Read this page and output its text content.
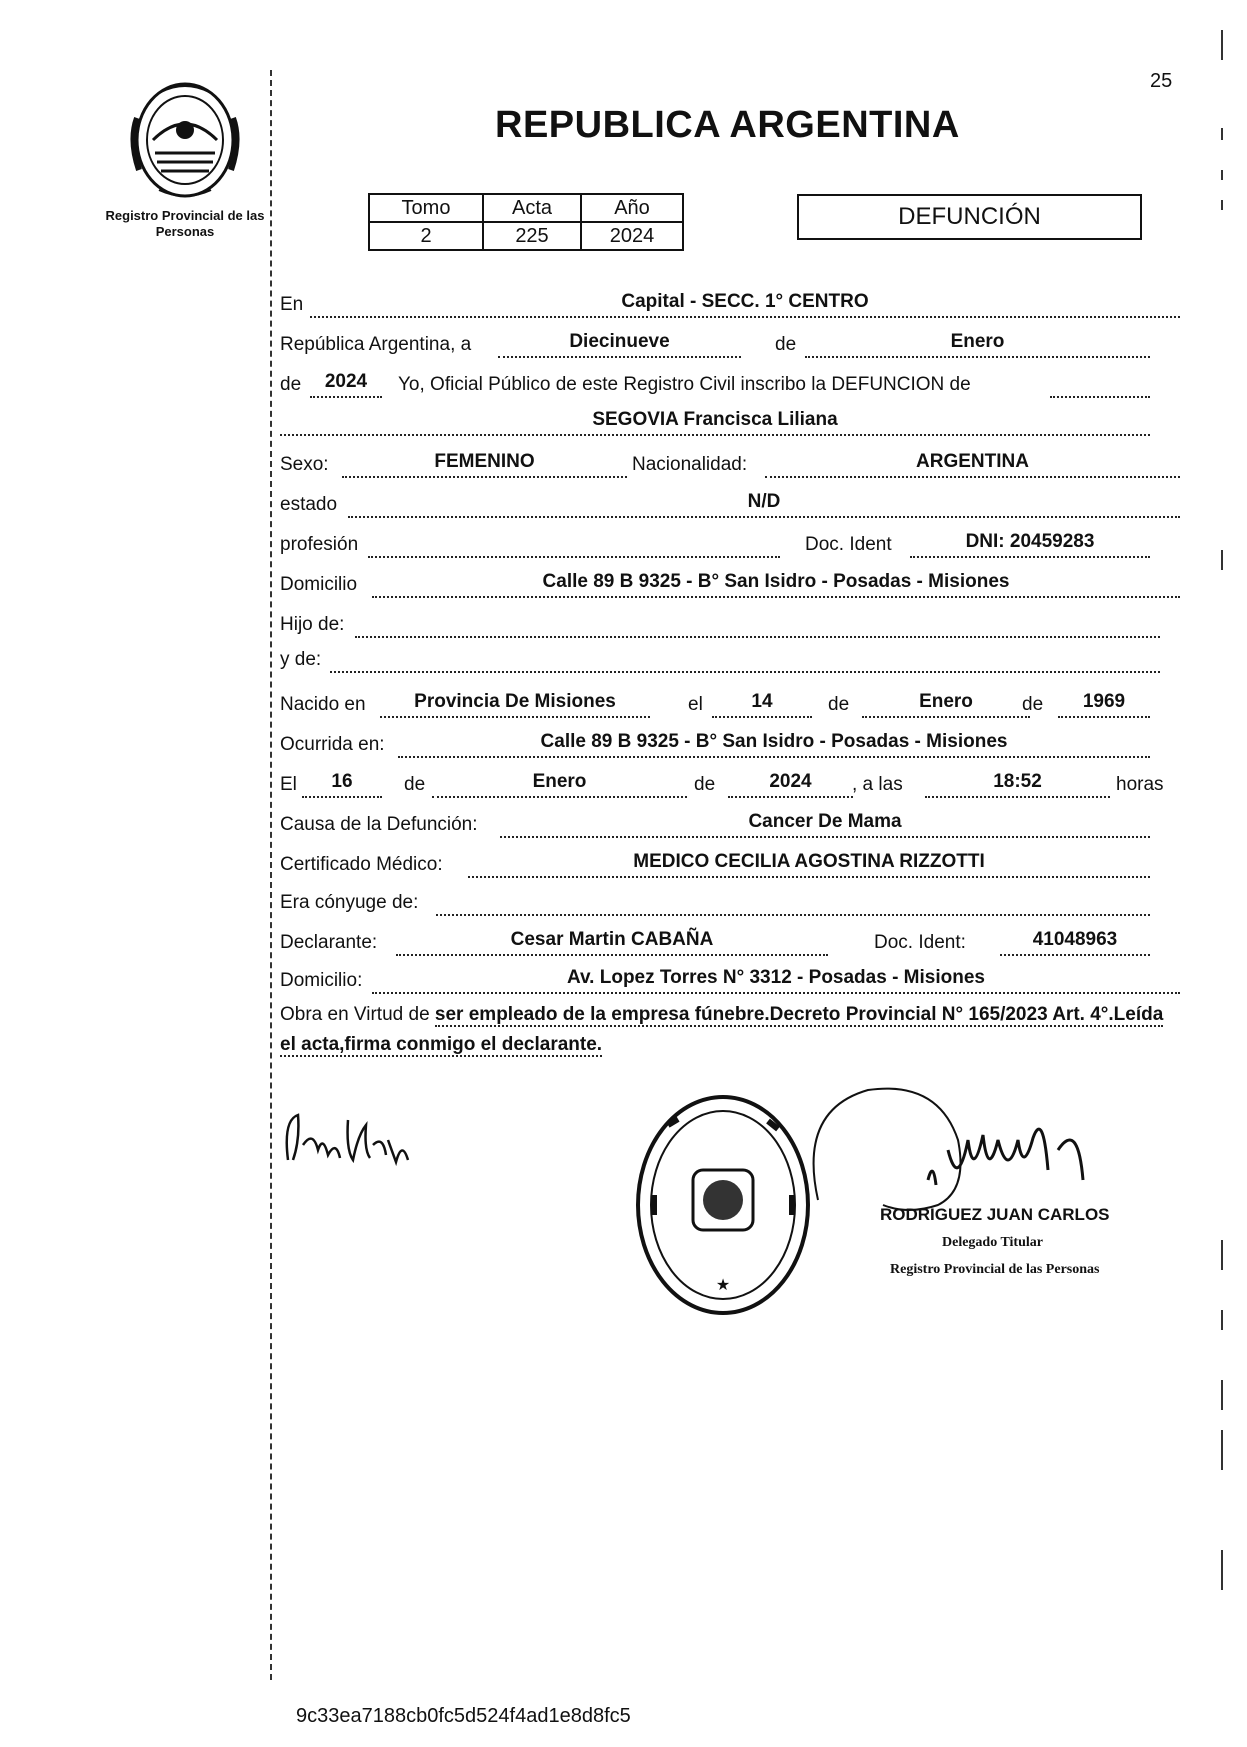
Registro Provincial de las Personas
25
REPUBLICA ARGENTINA
Tomo	Acta	Año
2	225	2024
DEFUNCIÓN
En	Capital - SECC. 1° CENTRO
República Argentina, a	Diecinueve	de	Enero
de	2024	Yo, Oficial Público de este Registro Civil inscribo la DEFUNCION de
SEGOVIA Francisca Liliana
Sexo:	FEMENINO	Nacionalidad:	ARGENTINA
estado	N/D
profesión	Doc. Ident	DNI: 20459283
Domicilio	Calle 89 B 9325 - B° San Isidro - Posadas - Misiones
Hijo de:
y de:
Nacido en	Provincia De Misiones	el	14	de	Enero	de	1969
Ocurrida en:	Calle 89 B 9325 - B° San Isidro - Posadas - Misiones
El	16	de	Enero	de	2024	, a las	18:52	horas
Causa de la Defunción:	Cancer De Mama
Certificado Médico:	MEDICO CECILIA AGOSTINA RIZZOTTI
Era cónyuge de:
Declarante:	Cesar Martin CABAÑA	Doc. Ident:	41048963
Domicilio:	Av. Lopez Torres N° 3312 - Posadas - Misiones
Obra en Virtud de ser empleado de la empresa fúnebre.Decreto Provincial N° 165/2023 Art. 4°.Leída el acta,firma conmigo el declarante.
★
RODRIGUEZ JUAN CARLOS
Delegado Titular
Registro Provincial de las Personas
9c33ea7188cb0fc5d524f4ad1e8d8fc5
